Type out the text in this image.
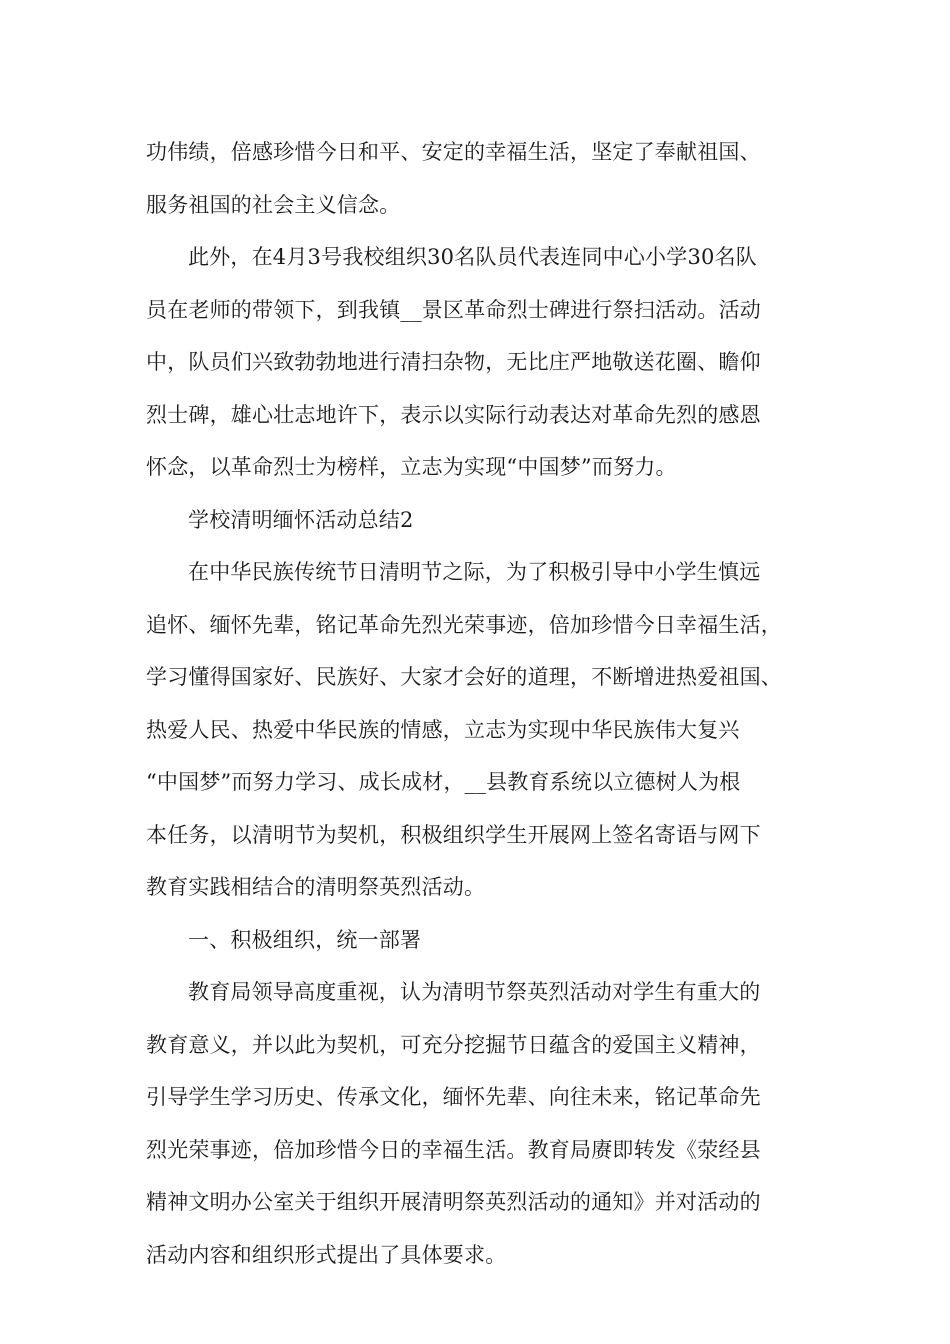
功伟绩，倍感珍惜今日和平、安定的幸福生活，坚定了奉献祖国、
服务祖国的社会主义信念。

此外，在4月3号我校组织30名队员代表连同中心小学30名队
员在老师的带领下，到我镇__景区革命烈士碑进行祭扫活动。活动
中，队员们兴致勃勃地进行清扫杂物，无比庄严地敬送花圈、瞻仰
烈士碑，雄心壮志地许下，表示以实际行动表达对革命先烈的感恩
怀念，以革命烈士为榜样，立志为实现“中国梦”而努力。

学校清明缅怀活动总结2

在中华民族传统节日清明节之际，为了积极引导中小学生慎远
追怀、缅怀先辈，铭记革命先烈光荣事迹，倍加珍惜今日幸福生活，
学习懂得国家好、民族好、大家才会好的道理，不断增进热爱祖国、
热爱人民、热爱中华民族的情感，立志为实现中华民族伟大复兴
“中国梦”而努力学习、成长成材，__县教育系统以立德树人为根
本任务，以清明节为契机，积极组织学生开展网上签名寄语与网下
教育实践相结合的清明祭英烈活动。

一、积极组织，统一部署

教育局领导高度重视，认为清明节祭英烈活动对学生有重大的
教育意义，并以此为契机，可充分挖掘节日蕴含的爱国主义精神，
引导学生学习历史、传承文化，缅怀先辈、向往未来，铭记革命先
烈光荣事迹，倍加珍惜今日的幸福生活。教育局赓即转发《荥经县
精神文明办公室关于组织开展清明祭英烈活动的通知》并对活动的
活动内容和组织形式提出了具体要求。
